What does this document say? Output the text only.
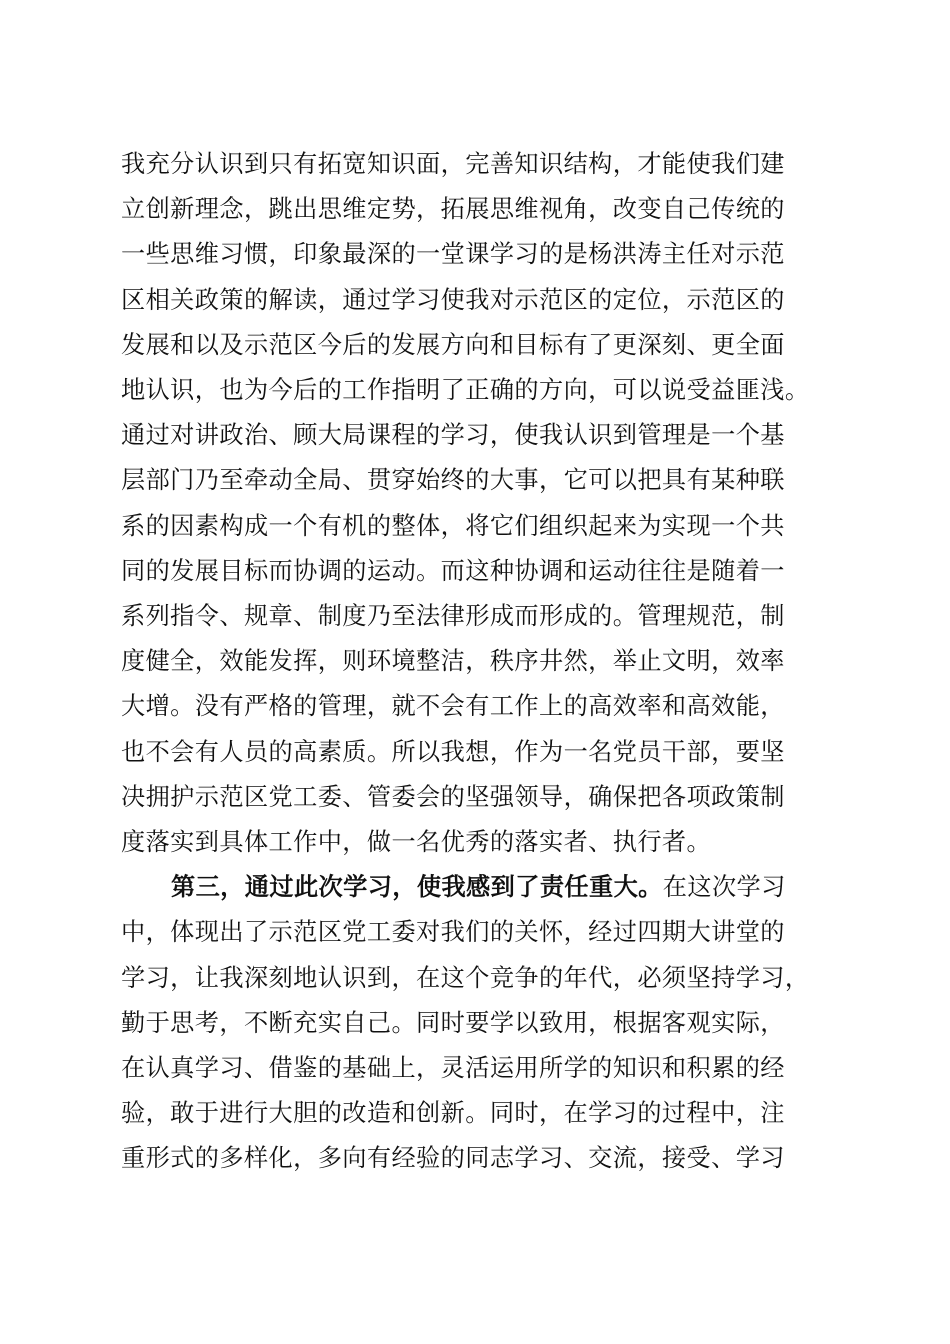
我充分认识到只有拓宽知识面，完善知识结构，才能使我们建
立创新理念，跳出思维定势，拓展思维视角，改变自己传统的
一些思维习惯，印象最深的一堂课学习的是杨洪涛主任对示范
区相关政策的解读，通过学习使我对示范区的定位，示范区的
发展和以及示范区今后的发展方向和目标有了更深刻、更全面
地认识，也为今后的工作指明了正确的方向，可以说受益匪浅。
通过对讲政治、顾大局课程的学习，使我认识到管理是一个基
层部门乃至牵动全局、贯穿始终的大事，它可以把具有某种联
系的因素构成一个有机的整体，将它们组织起来为实现一个共
同的发展目标而协调的运动。而这种协调和运动往往是随着一
系列指令、规章、制度乃至法律形成而形成的。管理规范，制
度健全，效能发挥，则环境整洁，秩序井然，举止文明，效率
大增。没有严格的管理，就不会有工作上的高效率和高效能，
也不会有人员的高素质。所以我想，作为一名党员干部，要坚
决拥护示范区党工委、管委会的坚强领导，确保把各项政策制
度落实到具体工作中，做一名优秀的落实者、执行者。
第三，通过此次学习，使我感到了责任重大。在这次学习
中，体现出了示范区党工委对我们的关怀，经过四期大讲堂的
学习，让我深刻地认识到，在这个竞争的年代，必须坚持学习，
勤于思考，不断充实自己。同时要学以致用，根据客观实际，
在认真学习、借鉴的基础上，灵活运用所学的知识和积累的经
验，敢于进行大胆的改造和创新。同时，在学习的过程中，注
重形式的多样化，多向有经验的同志学习、交流，接受、学习
